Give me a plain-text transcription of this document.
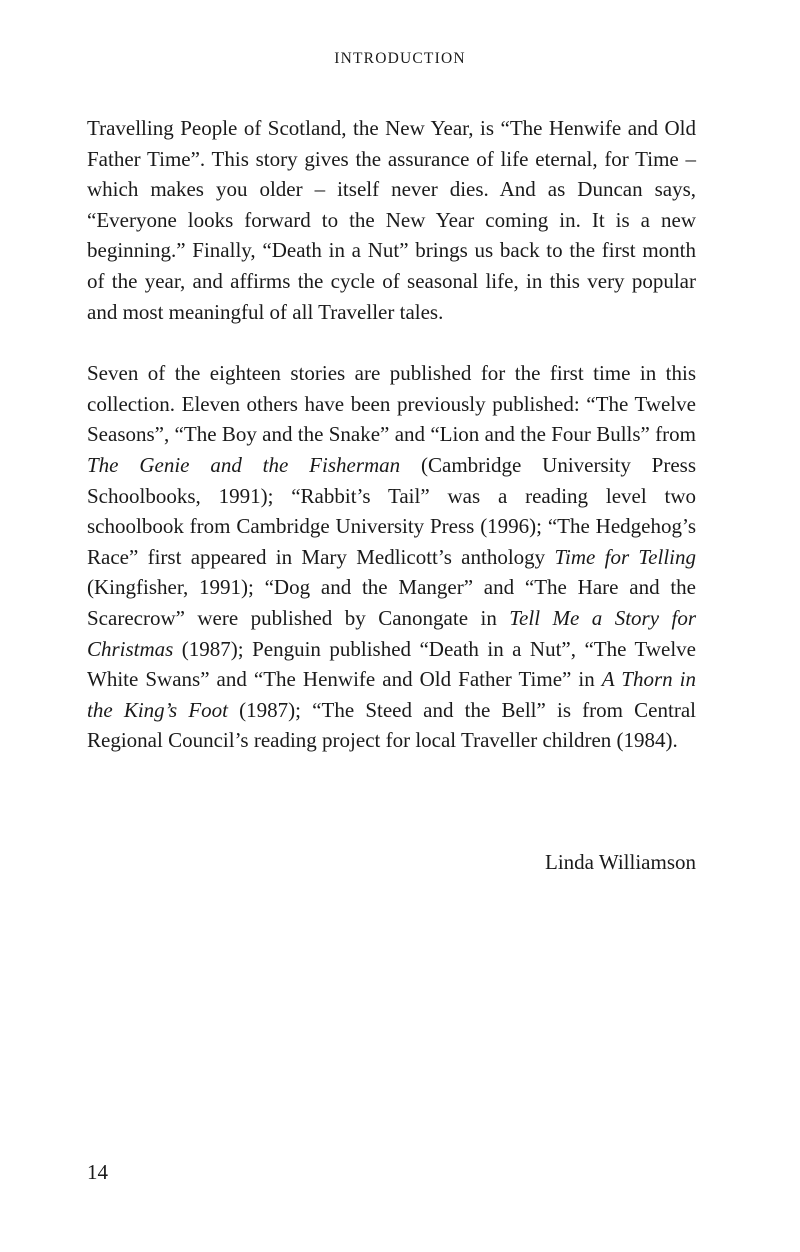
INTRODUCTION

Travelling People of Scotland, the New Year, is “The Henwife and Old Father Time”. This story gives the assurance of life eternal, for Time – which makes you older – itself never dies. And as Duncan says, “Everyone looks forward to the New Year coming in. It is a new beginning.” Finally, “Death in a Nut” brings us back to the first month of the year, and affirms the cycle of seasonal life, in this very popular and most meaningful of all Traveller tales.

Seven of the eighteen stories are published for the first time in this collection. Eleven others have been previously published: “The Twelve Seasons”, “The Boy and the Snake” and “Lion and the Four Bulls” from The Genie and the Fisherman (Cambridge University Press Schoolbooks, 1991); “Rabbit’s Tail” was a reading level two schoolbook from Cambridge University Press (1996); “The Hedgehog’s Race” first appeared in Mary Medlicott’s anthology Time for Telling (Kingfisher, 1991); “Dog and the Manger” and “The Hare and the Scarecrow” were published by Canongate in Tell Me a Story for Christmas (1987); Penguin published “Death in a Nut”, “The Twelve White Swans” and “The Henwife and Old Father Time” in A Thorn in the King’s Foot (1987); “The Steed and the Bell” is from Central Regional Council’s reading project for local Traveller children (1984).

Linda Williamson

14
